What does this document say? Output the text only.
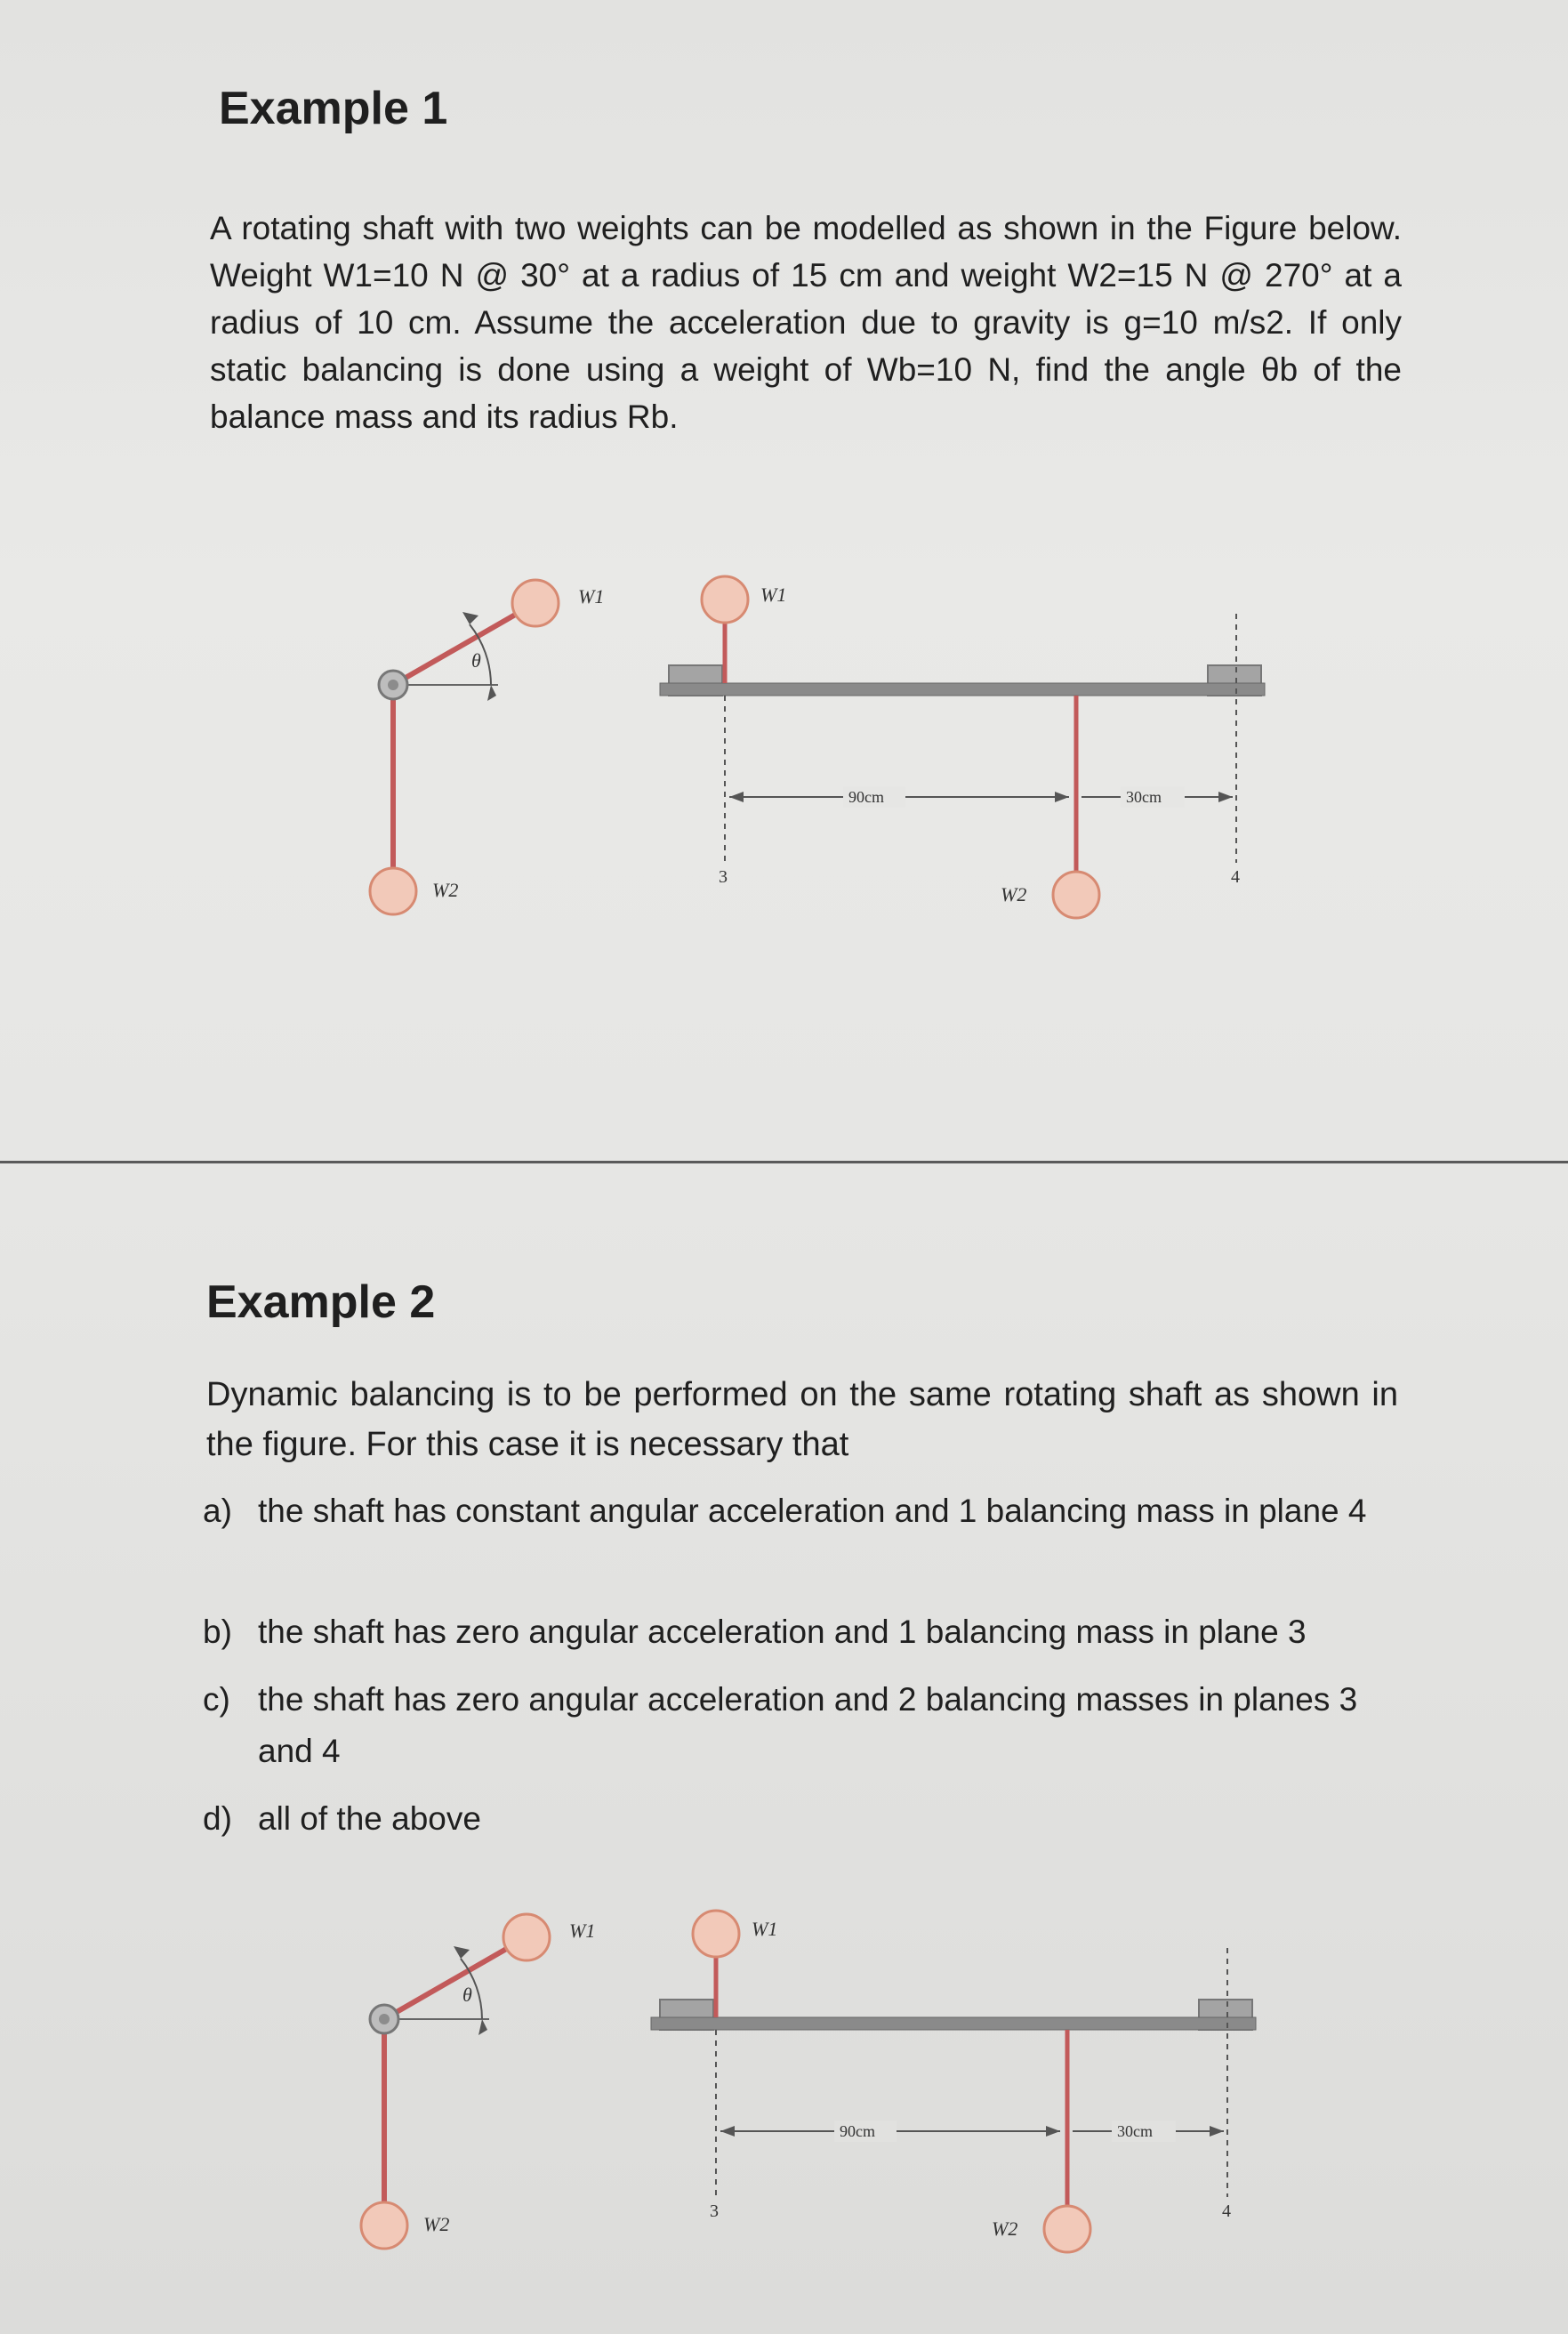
Example 1

A rotating shaft with two weights can be modelled as shown in the Figure below. Weight W1=10 N @ 30° at a radius of 15 cm and weight W2=15 N @ 270° at a radius of 10 cm. Assume the acceleration due to gravity is g=10 m/s2. If only static balancing is done using a weight of Wb=10 N, find the angle θb of the balance mass and its radius Rb.

θ
W1
W2
W1
W2
3	4
90cm	30cm
Example 2

Dynamic balancing is to be performed on the same rotating shaft as shown in the figure. For this case it is necessary that

a) the shaft has constant angular acceleration and 1 balancing mass in plane 4
b) the shaft has zero angular acceleration and 1 balancing mass in plane 3
c) the shaft has zero angular acceleration and 2 balancing masses in planes 3 and 4
d) all of the above
θ
W1
W2
W1
W2
3	4
90cm	30cm
